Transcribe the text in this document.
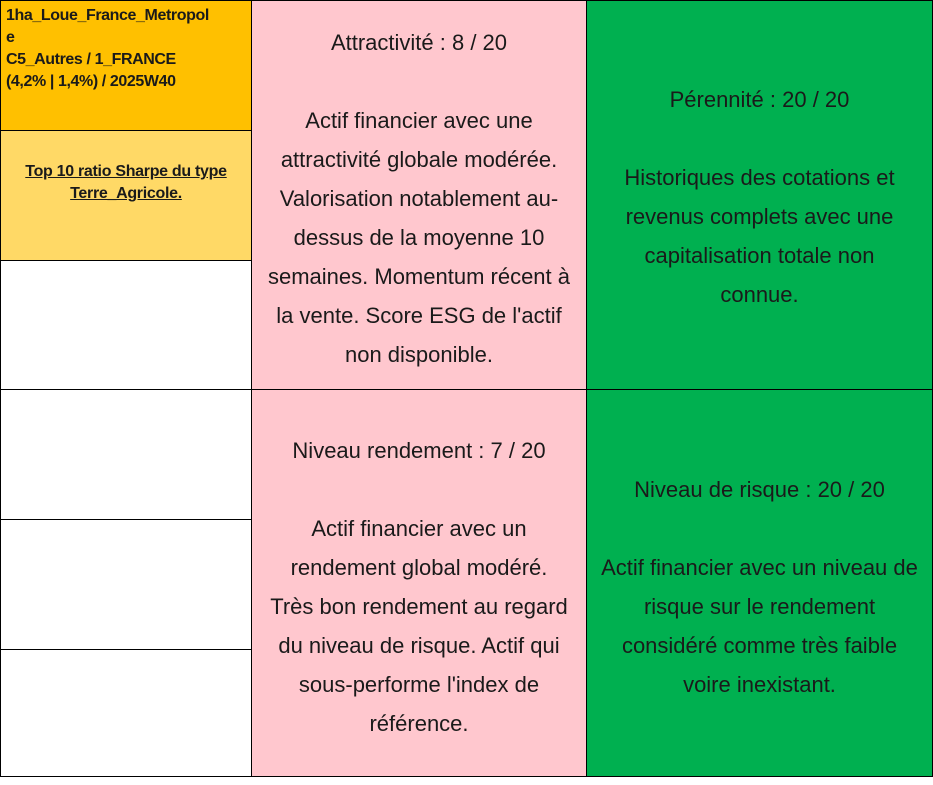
1ha_Loue_France_Metropol
e
C5_Autres / 1_FRANCE
(4,2% | 1,4%) / 2025W40
Top 10 ratio Sharpe du type
Terre_Agricole.
Attractivité : 8 / 20
Actif financier avec une
attractivité globale modérée.
Valorisation notablement au-
dessus de la moyenne 10
semaines. Momentum récent à
la vente. Score ESG de l'actif
non disponible.
Pérennité : 20 / 20
Historiques des cotations et
revenus complets avec une
capitalisation totale non
connue.
Niveau rendement : 7 / 20
Actif financier avec un
rendement global modéré.
Très bon rendement au regard
du niveau de risque. Actif qui
sous-performe l'index de
référence.
Niveau de risque : 20 / 20
Actif financier avec un niveau de
risque sur le rendement
considéré comme très faible
voire inexistant.
